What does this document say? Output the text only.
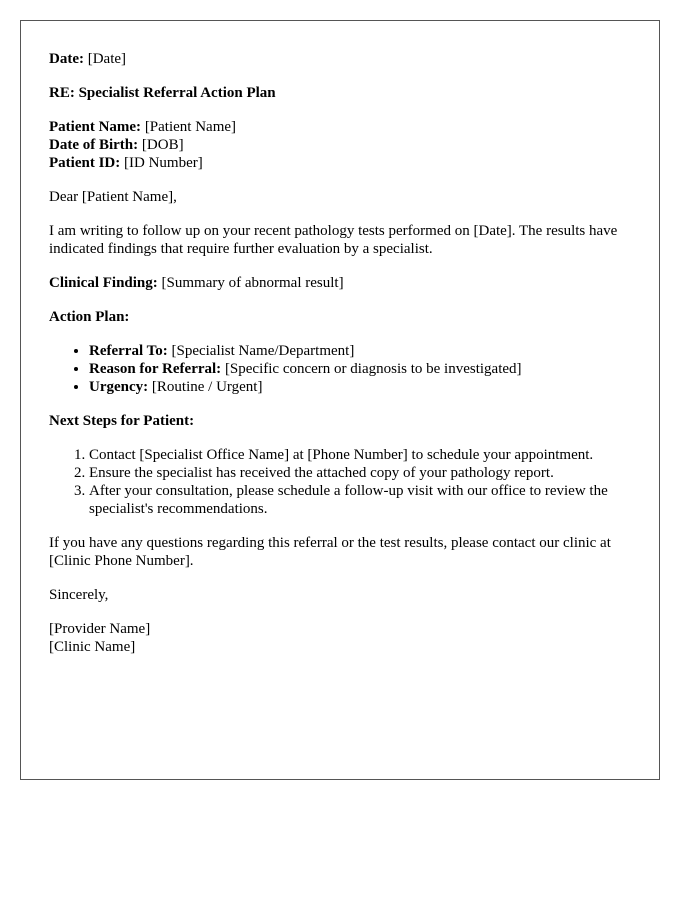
Date: [Date]

RE: Specialist Referral Action Plan

Patient Name: [Patient Name]

Date of Birth: [DOB]

Patient ID: [ID Number]

Dear [Patient Name],

I am writing to follow up on your recent pathology tests performed on [Date]. The results have indicated findings that require further evaluation by a specialist.

Clinical Finding: [Summary of abnormal result]

Action Plan:

• Referral To: [Specialist Name/Department]
• Reason for Referral: [Specific concern or diagnosis to be investigated]
• Urgency: [Routine / Urgent]

Next Steps for Patient:

1. Contact [Specialist Office Name] at [Phone Number] to schedule your appointment.
2. Ensure the specialist has received the attached copy of your pathology report.
3. After your consultation, please schedule a follow-up visit with our office to review the specialist's recommendations.

If you have any questions regarding this referral or the test results, please contact our clinic at [Clinic Phone Number].

Sincerely,

[Provider Name]

[Clinic Name]
